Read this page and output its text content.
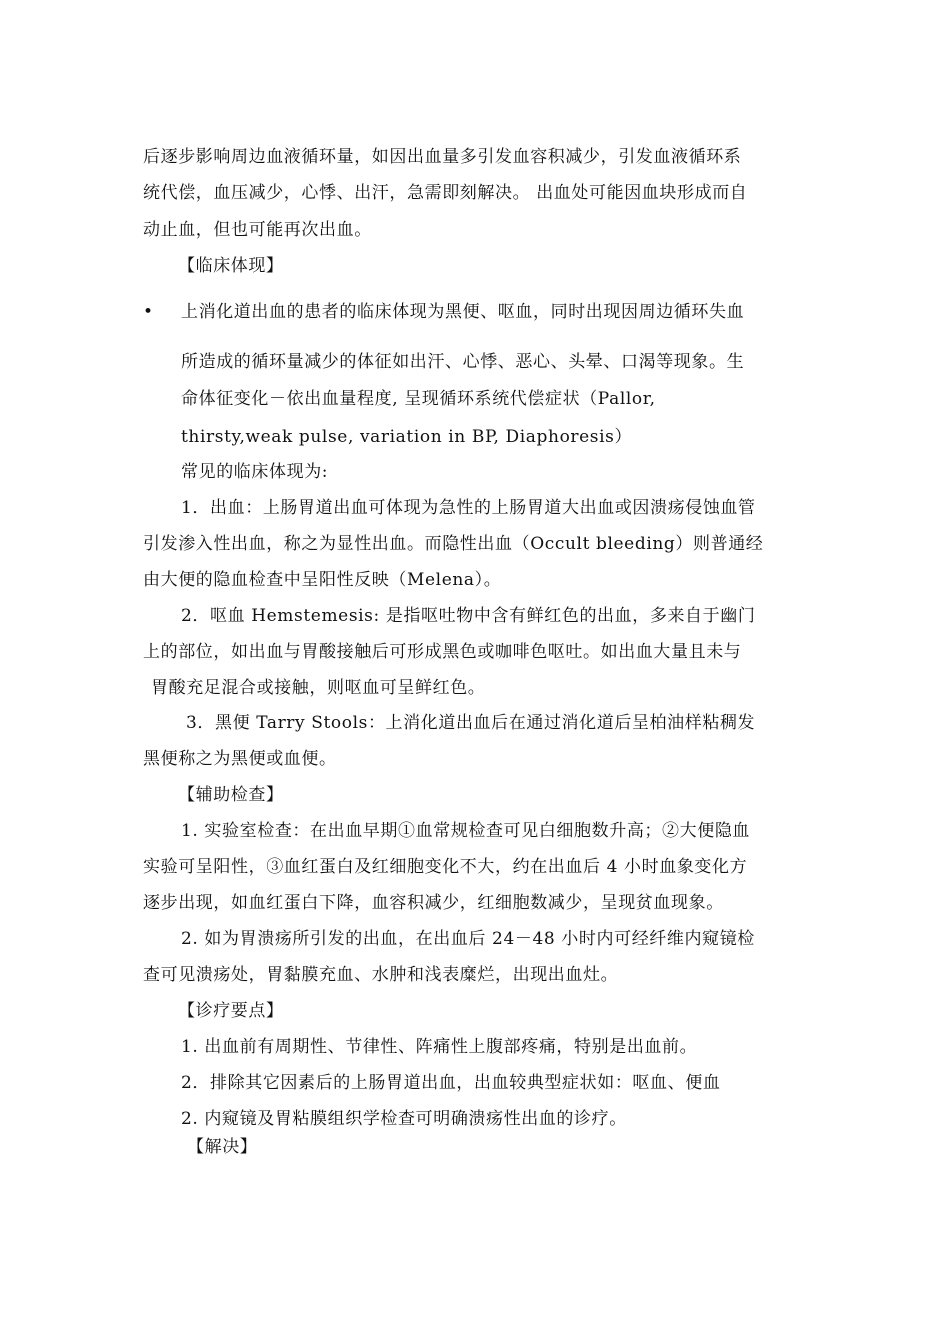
后逐步影响周边血液循环量，如因出血量多引发血容积减少，引发血液循环系
统代偿，血压减少，心悸、出汗，急需即刻解决。 出血处可能因血块形成而自
动止血，但也可能再次出血。
【临床体现】
• 上消化道出血的患者的临床体现为黑便、呕血，同时出现因周边循环失血
所造成的循环量减少的体征如出汗、心悸、恶心、头晕、口渴等现象。生
命体征变化－依出血量程度, 呈现循环系统代偿症状（Pallor,
thirsty,weak pulse, variation in BP, Diaphoresis）
常见的临床体现为:
1．出血：上肠胃道出血可体现为急性的上肠胃道大出血或因溃疡侵蚀血管
引发渗入性出血，称之为显性出血。而隐性出血（Occult bleeding）则普通经
由大便的隐血检查中呈阳性反映（Melena）。
2．呕血 Hemstemesis: 是指呕吐物中含有鲜红色的出血，多来自于幽门
上的部位，如出血与胃酸接触后可形成黑色或咖啡色呕吐。如出血大量且未与
胃酸充足混合或接触，则呕血可呈鲜红色。
3．黑便 Tarry Stools：上消化道出血后在通过消化道后呈柏油样粘稠发
黑便称之为黑便或血便。
【辅助检查】
1. 实验室检查：在出血早期①血常规检查可见白细胞数升高；②大便隐血
实验可呈阳性，③血红蛋白及红细胞变化不大，约在出血后 4 小时血象变化方
逐步出现，如血红蛋白下降，血容积减少，红细胞数减少，呈现贫血现象。
2. 如为胃溃疡所引发的出血，在出血后 24－48 小时内可经纤维内窥镜检
查可见溃疡处，胃黏膜充血、水肿和浅表糜烂，出现出血灶。
【诊疗要点】
1. 出血前有周期性、节律性、阵痛性上腹部疼痛，特别是出血前。
2．排除其它因素后的上肠胃道出血，出血较典型症状如：呕血、便血
2. 内窥镜及胃粘膜组织学检查可明确溃疡性出血的诊疗。
【解决】
